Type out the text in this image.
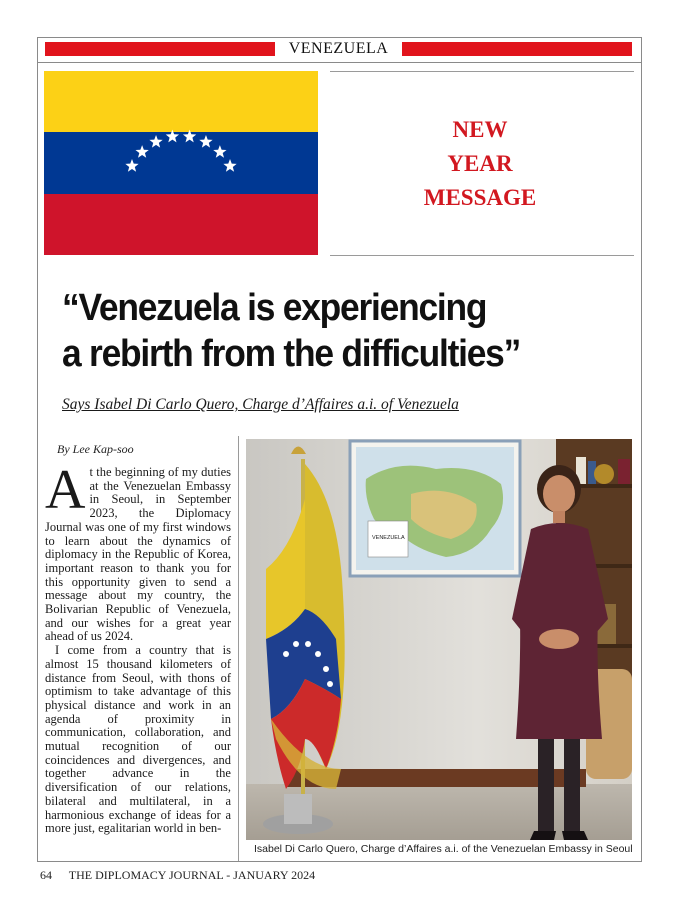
VENEZUELA
NEW
YEAR
MESSAGE
“Venezuela is experiencing
a rebirth from the difficulties”
Says Isabel Di Carlo Quero, Charge d’Affaires a.i. of Venezuela
By Lee Kap-soo
A t the beginning of my duties at the Venezuelan Embassy in Seoul, in September 2023, the Diplomacy Journal was one of my first windows to learn about the dynamics of diplomacy in the Republic of Korea, important reason to thank you for this opportunity given to send a message about my country, the Bolivarian Republic of Venezuela, and our wishes for a great year ahead of us 2024.

I come from a country that is almost 15 thousand kilometers of distance from Seoul, with thons of optimism to take advantage of this physical distance and work in an agenda of proximity in communication, collaboration, and mutual recognition of our coincidences and divergences, and together advance in the diversification of our relations, bilateral and multilateral, in a harmonious exchange of ideas for a more just, egalitarian world in ben-

VENEZUELA
Isabel Di Carlo Quero, Charge d’Affaires a.i. of the Venezuelan Embassy in Seoul
64 THE DIPLOMACY JOURNAL - JANUARY 2024
